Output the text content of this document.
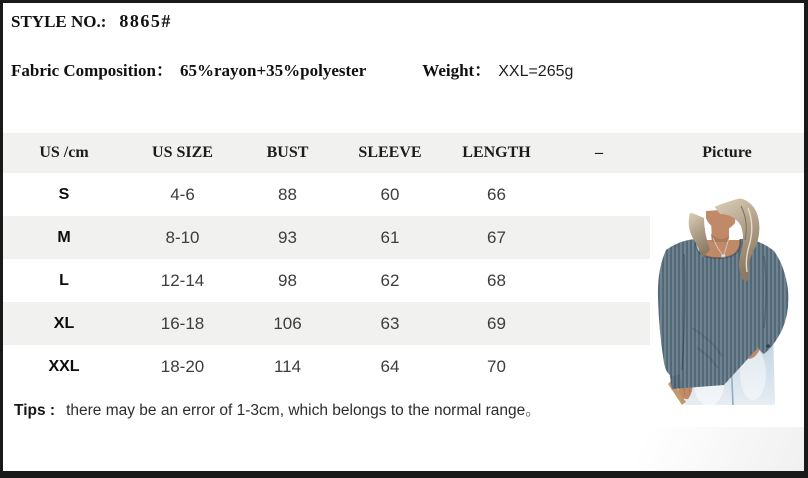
STYLE NO.: 8865#
Fabric Composition： 65%rayon+35%polyester	Weight： XXL=265g
US /cm	US SIZE	BUST	SLEEVE	LENGTH	–	Picture
S	4-6	88	60	66
M	8-10	93	61	67
L	12-14	98	62	68
XL	16-18	106	63	69
XXL	18-20	114	64	70
Tips : there may be an error of 1-3cm, which belongs to the normal range。
